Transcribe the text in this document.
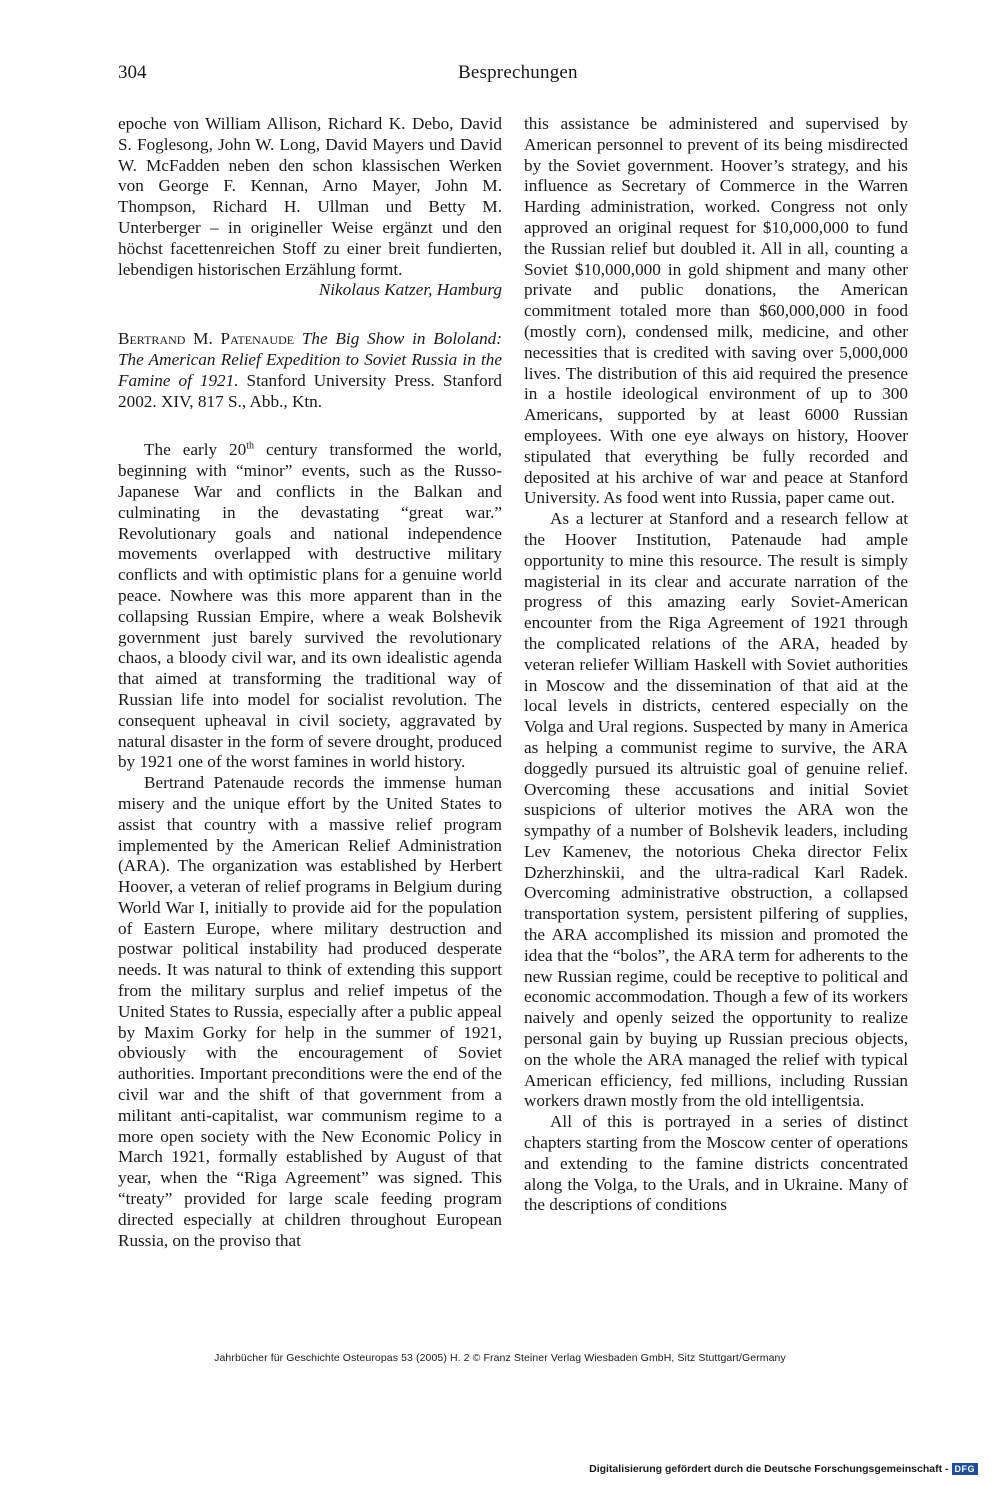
304	Besprechungen

epoche von William Allison, Richard K. Debo, David S. Foglesong, John W. Long, David Mayers und David W. McFadden neben den schon klassischen Werken von George F. Kennan, Arno Mayer, John M. Thompson, Richard H. Ullman und Betty M. Unterberger – in origineller Weise ergänzt und den höchst facettenreichen Stoff zu einer breit fundierten, lebendigen historischen Erzählung formt.

Nikolaus Katzer, Hamburg

Bertrand M. Patenaude The Big Show in Bololand: The American Relief Expedition to Soviet Russia in the Famine of 1921. Stanford University Press. Stanford 2002. XIV, 817 S., Abb., Ktn.

The early 20th century transformed the world, beginning with “minor” events, such as the Russo-Japanese War and conflicts in the Balkan and culminating in the devastating “great war.” Revolutionary goals and national independence movements overlapped with destructive military conflicts and with optimistic plans for a genuine world peace. Nowhere was this more apparent than in the collapsing Russian Empire, where a weak Bolshevik government just barely survived the revolutionary chaos, a bloody civil war, and its own idealistic agenda that aimed at transforming the traditional way of Russian life into model for socialist revolution. The consequent upheaval in civil society, aggravated by natural disaster in the form of severe drought, produced by 1921 one of the worst famines in world history.

Bertrand Patenaude records the immense human misery and the unique effort by the United States to assist that country with a massive relief program implemented by the American Relief Administration (ARA). The organization was established by Herbert Hoover, a veteran of relief programs in Belgium during World War I, initially to provide aid for the population of Eastern Europe, where military destruction and postwar political instability had produced desperate needs. It was natural to think of extending this support from the military surplus and relief impetus of the United States to Russia, especially after a public appeal by Maxim Gorky for help in the summer of 1921, obviously with the encouragement of Soviet authorities. Important preconditions were the end of the civil war and the shift of that government from a militant anti-capitalist, war communism regime to a more open society with the New Economic Policy in March 1921, formally established by August of that year, when the “Riga Agreement” was signed. This “treaty” provided for large scale feeding program directed especially at children throughout European Russia, on the proviso that

this assistance be administered and supervised by American personnel to prevent of its being misdirected by the Soviet government. Hoover’s strategy, and his influence as Secretary of Commerce in the Warren Harding administration, worked. Congress not only approved an original request for $10,000,000 to fund the Russian relief but doubled it. All in all, counting a Soviet $10,000,000 in gold shipment and many other private and public donations, the American commitment totaled more than $60,000,000 in food (mostly corn), condensed milk, medicine, and other necessities that is credited with saving over 5,000,000 lives. The distribution of this aid required the presence in a hostile ideological environment of up to 300 Americans, supported by at least 6000 Russian employees. With one eye always on history, Hoover stipulated that everything be fully recorded and deposited at his archive of war and peace at Stanford University. As food went into Russia, paper came out.

As a lecturer at Stanford and a research fellow at the Hoover Institution, Patenaude had ample opportunity to mine this resource. The result is simply magisterial in its clear and accurate narration of the progress of this amazing early Soviet-American encounter from the Riga Agreement of 1921 through the complicated relations of the ARA, headed by veteran reliefer William Haskell with Soviet authorities in Moscow and the dissemination of that aid at the local levels in districts, centered especially on the Volga and Ural regions. Suspected by many in America as helping a communist regime to survive, the ARA doggedly pursued its altruistic goal of genuine relief. Overcoming these accusations and initial Soviet suspicions of ulterior motives the ARA won the sympathy of a number of Bolshevik leaders, including Lev Kamenev, the notorious Cheka director Felix Dzherzhinskii, and the ultra-radical Karl Radek. Overcoming administrative obstruction, a collapsed transportation system, persistent pilfering of supplies, the ARA accomplished its mission and promoted the idea that the “bolos”, the ARA term for adherents to the new Russian regime, could be receptive to political and economic accommodation. Though a few of its workers naively and openly seized the opportunity to realize personal gain by buying up Russian precious objects, on the whole the ARA managed the relief with typical American efficiency, fed millions, including Russian workers drawn mostly from the old intelligentsia.

All of this is portrayed in a series of distinct chapters starting from the Moscow center of operations and extending to the famine districts concentrated along the Volga, to the Urals, and in Ukraine. Many of the descriptions of conditions

Jahrbücher für Geschichte Osteuropas 53 (2005) H. 2 © Franz Steiner Verlag Wiesbaden GmbH, Sitz Stuttgart/Germany
Digitalisierung gefördert durch die Deutsche Forschungsgemeinschaft - DFG
